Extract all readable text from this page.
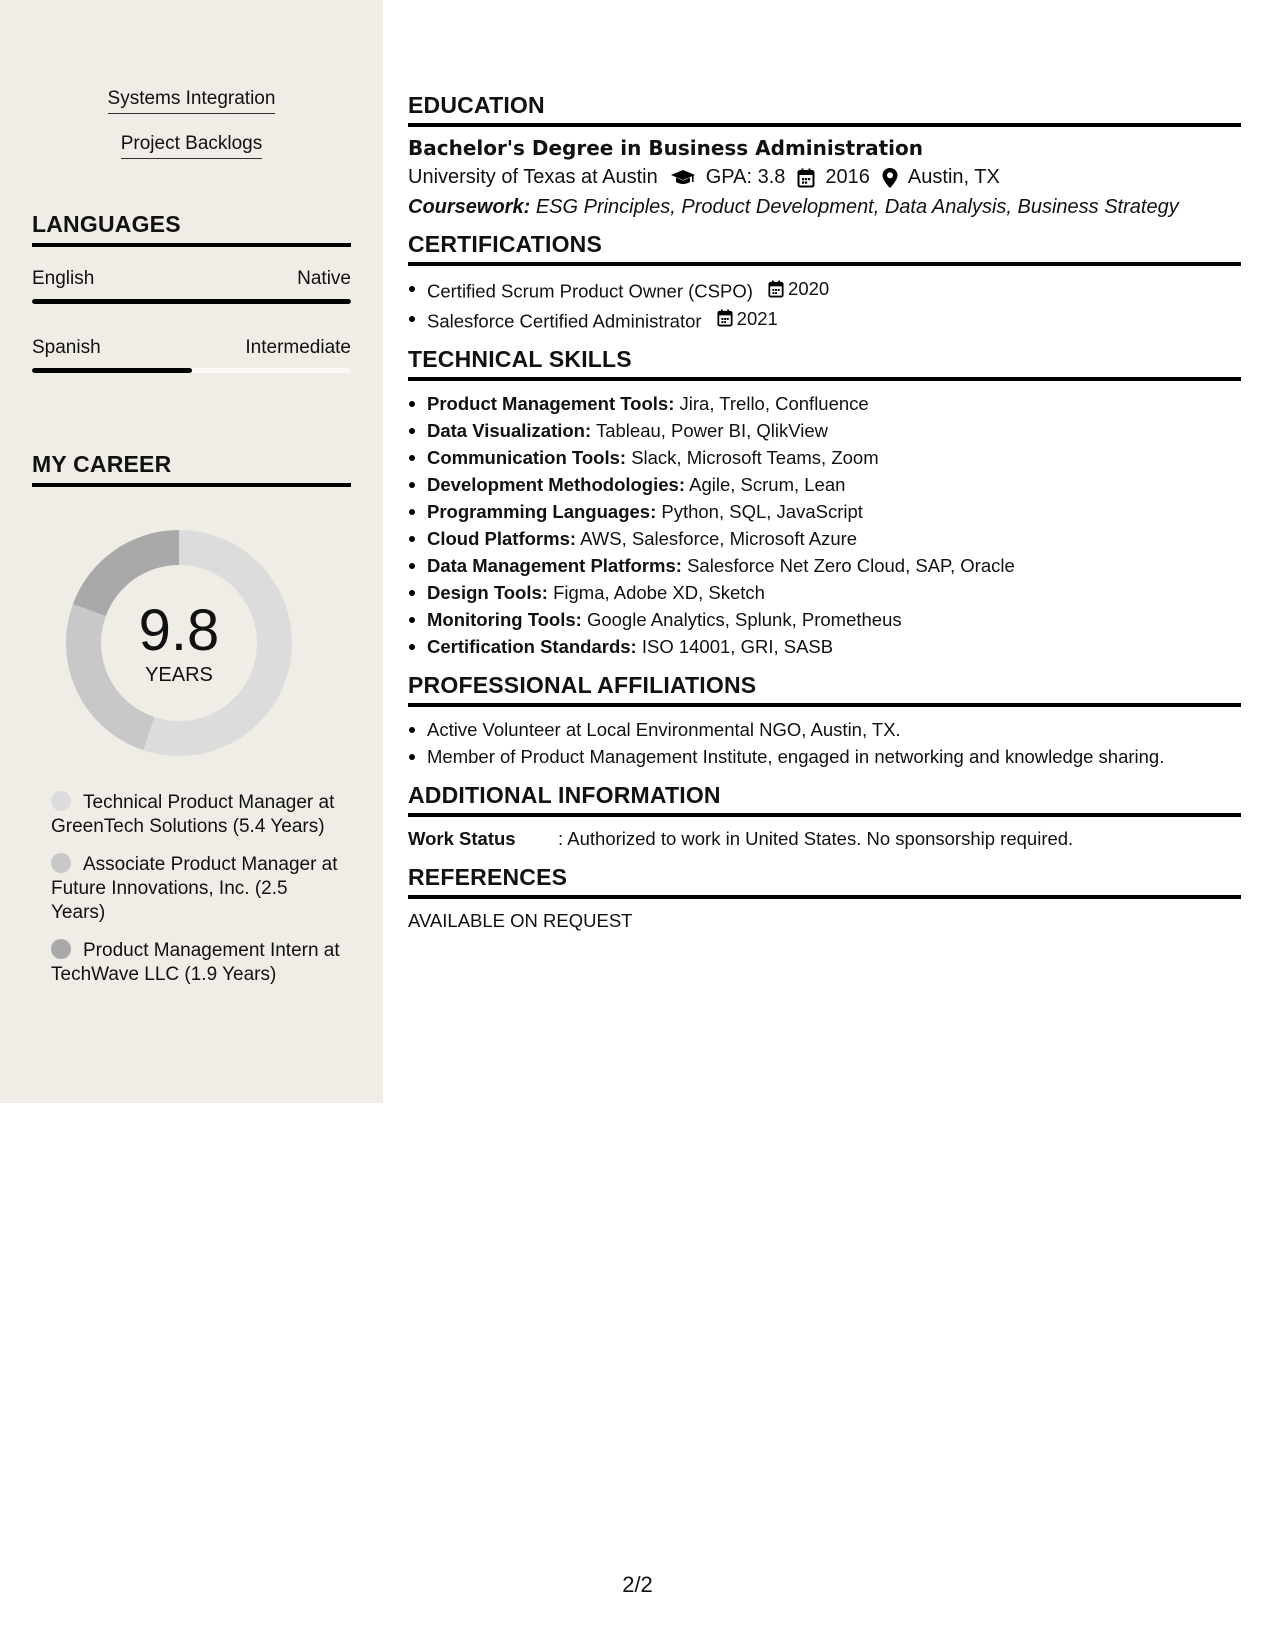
Systems Integration
Project Backlogs
LANGUAGES
English	Native
Spanish	Intermediate
MY CAREER
9.8
YEARS
Technical Product Manager at GreenTech Solutions (5.4 Years)
Associate Product Manager at Future Innovations, Inc. (2.5 Years)
Product Management Intern at TechWave LLC (1.9 Years)
EDUCATION
Bachelor's Degree in Business Administration
University of Texas at Austin GPA: 3.8 2016 Austin, TX
Coursework: ESG Principles, Product Development, Data Analysis, Business Strategy
CERTIFICATIONS
Certified Scrum Product Owner (CSPO) 2020
Salesforce Certified Administrator 2021
TECHNICAL SKILLS
Product Management Tools: Jira, Trello, Confluence
Data Visualization: Tableau, Power BI, QlikView
Communication Tools: Slack, Microsoft Teams, Zoom
Development Methodologies: Agile, Scrum, Lean
Programming Languages: Python, SQL, JavaScript
Cloud Platforms: AWS, Salesforce, Microsoft Azure
Data Management Platforms: Salesforce Net Zero Cloud, SAP, Oracle
Design Tools: Figma, Adobe XD, Sketch
Monitoring Tools: Google Analytics, Splunk, Prometheus
Certification Standards: ISO 14001, GRI, SASB
PROFESSIONAL AFFILIATIONS
Active Volunteer at Local Environmental NGO, Austin, TX.
Member of Product Management Institute, engaged in networking and knowledge sharing.
ADDITIONAL INFORMATION
Work Status	: Authorized to work in United States. No sponsorship required.
REFERENCES
AVAILABLE ON REQUEST
2/2
